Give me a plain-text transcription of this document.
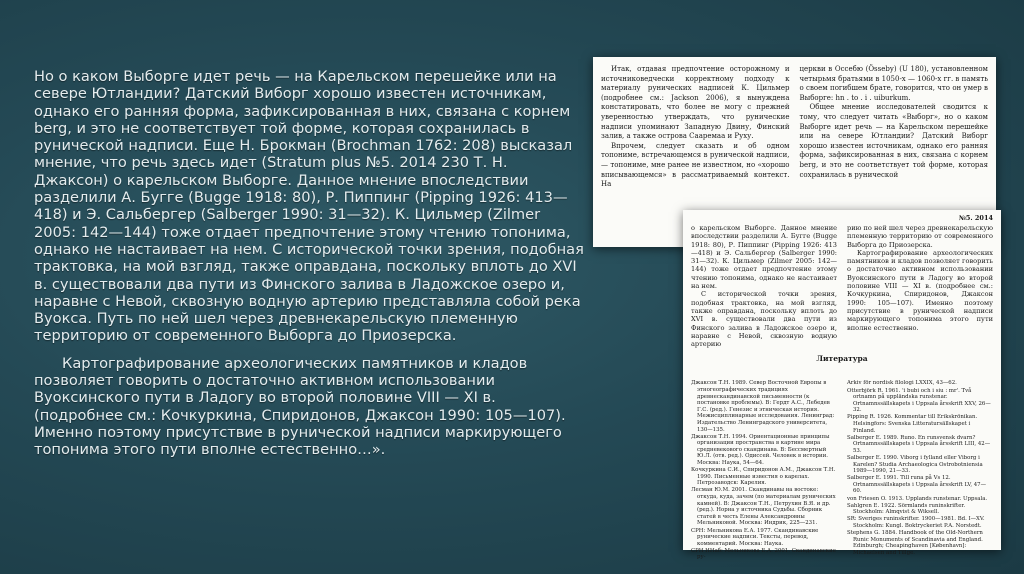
Но о каком Выборге идет речь — на Карельском перешейке или на севере Ютландии? Датский Виборг хорошо известен источникам, однако его ранняя форма, зафиксированная в них, связана с корнем berg, и это не соответствует той форме, которая сохранилась в рунической надписи. Еще Н. Брокман (Brochman 1762: 208) высказал мнение, что речь здесь идет (Stratum plus №5. 2014 230 Т. Н. Джаксон) о карельском Выборге. Данное мнение впоследствии разделили А. Бугге (Bugge 1918: 80), Р. Пиппинг (Pipping 1926: 413—418) и Э. Сальбергер (Salberger 1990: 31—32). К. Цильмер (Zilmer 2005: 142—144) тоже отдает предпочтение этому чтению топонима, однако не настаивает на нем. С исторической точки зрения, подобная трактовка, на мой взгляд, также оправдана, поскольку вплоть до XVI в. существовали два пути из Финского залива в Ладожское озеро и, наравне с Невой, сквозную водную артерию представляла собой река Вуокса. Путь по ней шел через древнекарельскую племенную территорию от современного Выборга до Приозерска.

Картографирование археологических памятников и кладов позволяет говорить о достаточно активном использовании Вуоксинского пути в Ладогу во второй половине VIII — XI в. (подробнее см.: Кочкуркина, Спиридонов, Джаксон 1990: 105—107). Именно поэтому присутствие в рунической надписи маркирующего топонима этого пути вполне естественно…».

Итак, отдавая предпочтение осторожному и источниковедчески корректному подходу к материалу рунических надписей К. Цильмер (подробнее см.: Jackson 2006), я вынуждена констатировать, что более не могу с прежней уверенностью утверждать, что рунические надписи упоминают Западную Двину, Финский залив, а также острова Сааремаа и Руху.

Впрочем, следует сказать и об одном топониме, встречающемся в рунической надписи, — топониме, мне ранее не известном, но «хорошо вписывающемся» в рассматриваемый контекст. На

церкви в Оссебю (Össeby) (U 180), установленном четырьмя братьями в 1050-х — 1060-х гг. в память о своем погибшем брате, говорится, что он умер в Выборге: hn . to . i . uiburkum.

Общее мнение исследователей сводится к тому, что следует читать «Выборг», но о каком Выборге идет речь — на Карельском перешейке или на севере Ютландии? Датский Виборг хорошо известен источникам, однако его ранняя форма, зафиксированная в них, связана с корнем berg, и это не соответствует той форме, которая сохранилась в рунической

№5. 2014

о карельском Выборге. Данное мнение впоследствии разделили А. Бугге (Bugge 1918: 80), Р. Пиппинг (Pipping 1926: 413—418) и Э. Сальбергер (Salberger 1990: 31—32). К. Цильмер (Zilmer 2005: 142—144) тоже отдает предпочтение этому чтению топонима, однако не настаивает на нем.

С исторической точки зрения, подобная трактовка, на мой взгляд, также оправдана, поскольку вплоть до XVI в. существовали два пути из Финского залива в Ладожское озеро и, наравне с Невой, сквозную водную артерию

рию по ней шел через древнекарельскую племенную территорию от современного Выборга до Приозерска.

Картографирование археологических памятников и кладов позволяет говорить о достаточно активном использовании Вуоксинского пути в Ладогу во второй половине VIII — XI в. (подробнее см.: Кочкуркина, Спиридонов, Джаксон 1990: 105—107). Именно поэтому присутствие в рунической надписи маркирующего топонима этого пути вполне естественно.

Литература

Джаксон Т.Н. 1989. Север Восточной Европы в этногеографических традициях древнескандинавской письменности (к постановке проблемы). В: Гердт А.С., Лебедев Г.С. (ред.). Генезис и этническая история. Межисциплинарные исследования. Ленинград: Издательство Ленинградского университета, 130—135.

Джаксон Т.Н. 1994. Ориентационные принципы организации пространства в картине мира средневекового скандинава. В: Бессмертный Ю.Л. (отв. ред.). Одиссей. Человек в истории. Москва: Наука, 54—64.

Кочкуркина С.И., Спиридонов А.М., Джаксон Т.Н. 1990. Письменные известия о карелах. Петрозаводск: Карелия.

Лесман Ю.М. 2001. Скандинавы на востоке: откуда, куда, зачем (по материалам рунических камней). В: Джаксон Т.Н., Петрухин В.Я. и др. (ред.). Норна у источника Судьбы. Сборник статей в честь Елены Александровны Мельниковой. Москва: Индрик, 225—231.

СРН: Мельникова Е.А. 1977. Скандинавские рунические надписи. Тексты, перевод, комментарий. Москва: Наука.

СРН ННаб: Мельникова Е.А. 2001. Скандинавские ру-

Arkiv för nordisk filologi LXXIX, 43—62.

Otterbjörk R. 1961. 'i bubi och i siu : mr'. Två ortnamn på uppländska runstenar. Ortnamnssällskapets i Uppsala årsskrift XXV, 26—32.

Pipping R. 1926. Kommentar till Erikskrönikan. Helsingfors: Svenska Litteratursällskapet i Finland.

Salberger E. 1989. Runo. En runsvensk dvarn? Ortnamnssällskapets i Uppsala årsskrift LIII, 42—53.

Salberger E. 1990. Viborg i fylland eller Viborg i Karelen? Studia Archaeologica Ostrobotniensia 1989—1990, 21—33.

Salberger E. 1991. Till runa på Vs 12. Ortnamnssällskapets i Uppsala årsskrift LV, 47—60.

von Friesen O. 1913. Upplands runstenar. Uppsala.

Sahlgren E. 1922. Sörmlands runinskrifter. Stockholm: Almqvist & Wiksell.

SR: Sveriges runinskrifter. 1900—1981. Bd. I—XV. Stockholm: Kungl. Boktryckeriet P.A. Norstedt.

Stephens G. 1884. Handbook of the Old-Northern Runic Monuments of Scandinavia and England. Edinburgh; Cheapinghaven [København]: Michaelsen and Tillge.
